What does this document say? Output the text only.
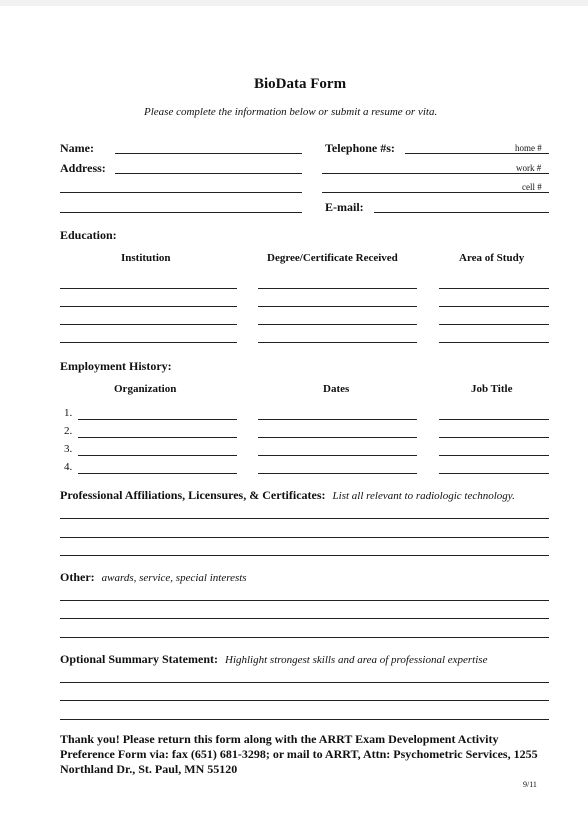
BioData Form
Please complete the information below or submit a resume or vita.
Name:
Address:
Telephone #s:	home #
work #
cell #
E-mail:
Education:
Institution	Degree/Certificate Received	Area of Study
Employment History:
Organization	Dates	Job Title
1.
2.
3.
4.
Professional Affiliations, Licensures, & Certificates: List all relevant to radiologic technology.
Other: awards, service, special interests
Optional Summary Statement: Highlight strongest skills and area of professional expertise
Thank you! Please return this form along with the ARRT Exam Development Activity Preference Form via: fax (651) 681-3298; or mail to ARRT, Attn: Psychometric Services, 1255 Northland Dr., St. Paul, MN 55120
9/11
